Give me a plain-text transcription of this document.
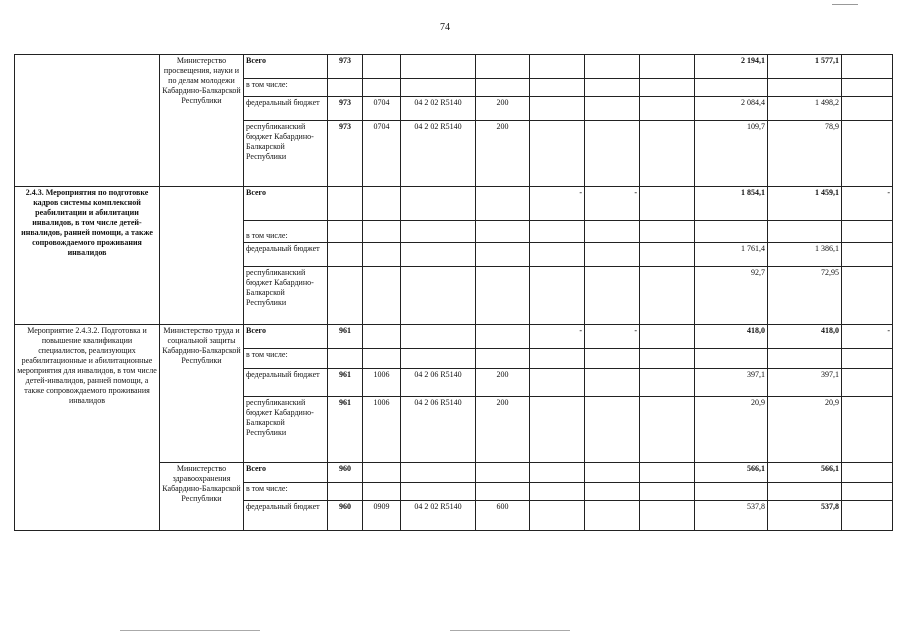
74
	Министерство просвещения, науки и по делам молодежи Кабардино-Балкарской Республики	Всего	973							2 194,1	1 577,1	
		в том числе:										
		федеральный бюджет	973	0704	04 2 02 R5140	200				2 084,4	1 498,2	
		республиканский бюджет Кабардино-Балкарской Республики	973	0704	04 2 02 R5140	200				109,7	78,9	
2.4.3. Мероприятия по подготовке кадров системы комплексной реабилитации и абилитации инвалидов, в том числе детей-инвалидов, ранней помощи, а также сопровождаемого проживания инвалидов		Всего					-	-		1 854,1	1 459,1	-
		в том числе:										
		федеральный бюджет								1 761,4	1 386,1	
		республиканский бюджет Кабардино-Балкарской Республики								92,7	72,95	
Мероприятие 2.4.3.2. Подготовка и повышение квалификации специалистов, реализующих реабилитационные и абилитационные мероприятия для инвалидов, в том числе детей-инвалидов, ранней помощи, а также сопровождаемого проживания инвалидов	Министерство труда и социальной защиты Кабардино-Балкарской Республики	Всего	961				-	-		418,0	418,0	-
		в том числе:										
		федеральный бюджет	961	1006	04 2 06 R5140	200				397,1	397,1	
		республиканский бюджет Кабардино-Балкарской Республики	961	1006	04 2 06 R5140	200				20,9	20,9	
	Министерство здравоохранения Кабардино-Балкарской Республики	Всего	960							566,1	566,1	
		в том числе:										
		федеральный бюджет	960	0909	04 2 02 R5140	600				537,8	537,8	
